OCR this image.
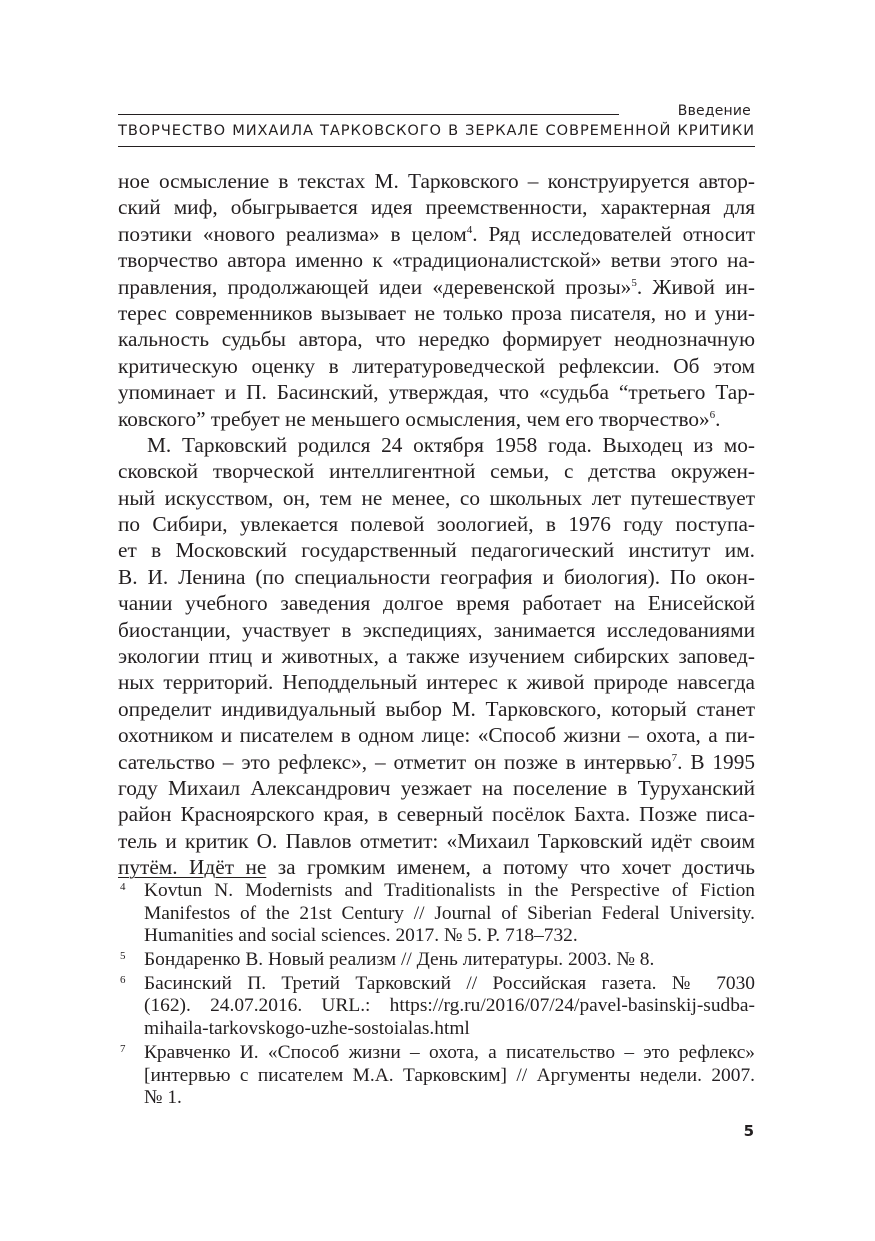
Введение
ТВОРЧЕСТВО МИХАИЛА ТАРКОВСКОГО В ЗЕРКАЛЕ СОВРЕМЕННОЙ КРИТИКИ
ное осмысление в текстах М. Тарковского – конструируется автор-
ский миф, обыгрывается идея преемственности, характерная для
поэтики «нового реализма» в целом$^4$. Ряд исследователей относит
творчество автора именно к «традиционалистской» ветви этого на-
правления, продолжающей идеи «деревенской прозы»$^5$. Живой ин-
терес современников вызывает не только проза писателя, но и уни-
кальность судьбы автора, что нередко формирует неоднозначную
критическую оценку в литературоведческой рефлексии. Об этом
упоминает и П. Басинский, утверждая, что «судьба “третьего Тар-
ковского” требует не меньшего осмысления, чем его творчество»$^6$.
М. Тарковский родился 24 октября 1958 года. Выходец из мо-
сковской творческой интеллигентной семьи, с детства окружен-
ный искусством, он, тем не менее, со школьных лет путешествует
по Сибири, увлекается полевой зоологией, в 1976 году поступа-
ет в Московский государственный педагогический институт им.
В. И. Ленина (по специальности география и биология). По окон-
чании учебного заведения долгое время работает на Енисейской
биостанции, участвует в экспедициях, занимается исследованиями
экологии птиц и животных, а также изучением сибирских заповед-
ных территорий. Неподдельный интерес к живой природе навсегда
определит индивидуальный выбор М. Тарковского, который станет
охотником и писателем в одном лице: «Способ жизни – охота, а пи-
сательство – это рефлекс», – отметит он позже в интервью$^7$. В 1995
году Михаил Александрович уезжает на поселение в Туруханский
район Красноярского края, в северный посёлок Бахта. Позже писа-
тель и критик О. Павлов отметит: «Михаил Тарковский идёт своим
путём. Идёт не за громким именем, а потому что хочет достичь
4 Kovtun N. Modernists and Traditionalists in the Perspective of Fiction
Manifestos of the 21st Century // Journal of Siberian Federal University.
Humanities and social sciences. 2017. № 5. P. 718–732.
5 Бондаренко В. Новый реализм // День литературы. 2003. № 8.
6 Басинский П. Третий Тарковский // Российская газета. № 7030
(162). 24.07.2016. URL.: https://rg.ru/2016/07/24/pavel-basinskij-sudba-
mihaila-tarkovskogo-uzhe-sostoialas.html
7 Кравченко И. «Способ жизни – охота, а писательство – это рефлекс»
[интервью с писателем М.А. Тарковским] // Аргументы недели. 2007.
№ 1.
5
